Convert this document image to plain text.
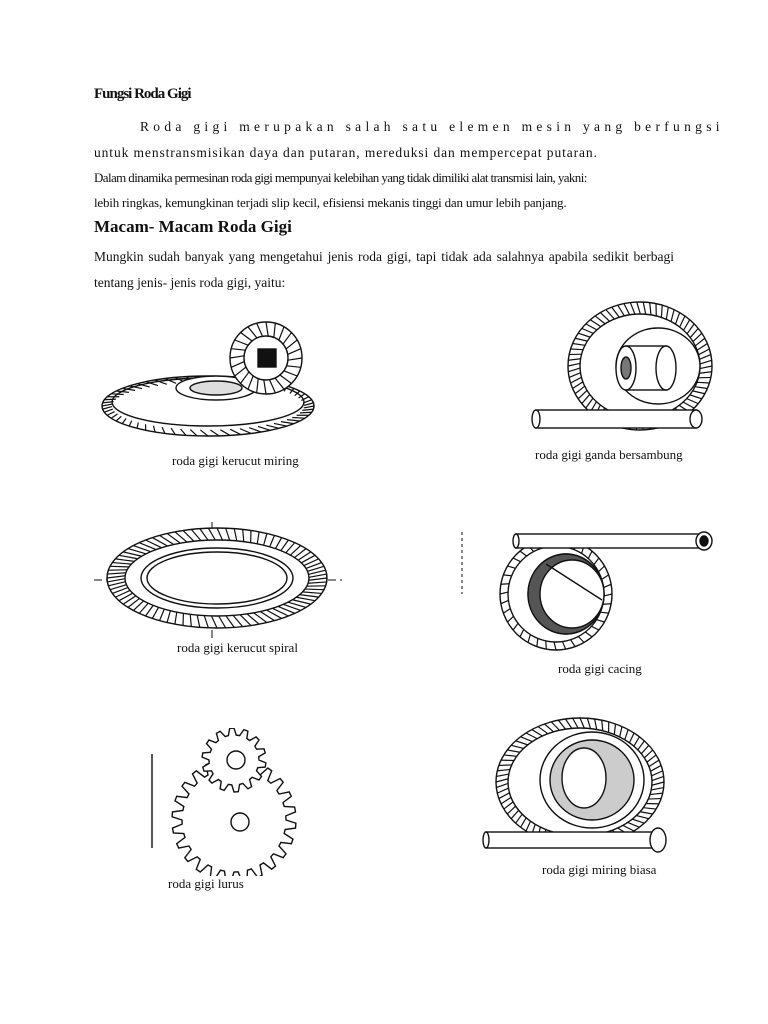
Fungsi Roda Gigi
Roda gigi merupakan salah satu elemen mesin yang berfungsi
untuk menstransmisikan daya dan putaran, mereduksi dan mempercepat putaran.
Dalam dinamika permesinan roda gigi mempunyai kelebihan yang tidak dimiliki alat transmisi lain, yakni:
lebih ringkas, kemungkinan terjadi slip kecil, efisiensi mekanis tinggi dan umur lebih panjang.
Macam- Macam Roda Gigi
Mungkin sudah banyak yang mengetahui jenis roda gigi, tapi tidak ada salahnya apabila sedikit berbagi tentang jenis- jenis roda gigi, yaitu:
roda gigi kerucut miring	roda gigi ganda bersambung
roda gigi kerucut spiral
roda gigi cacing
roda gigi lurus
roda gigi miring biasa
